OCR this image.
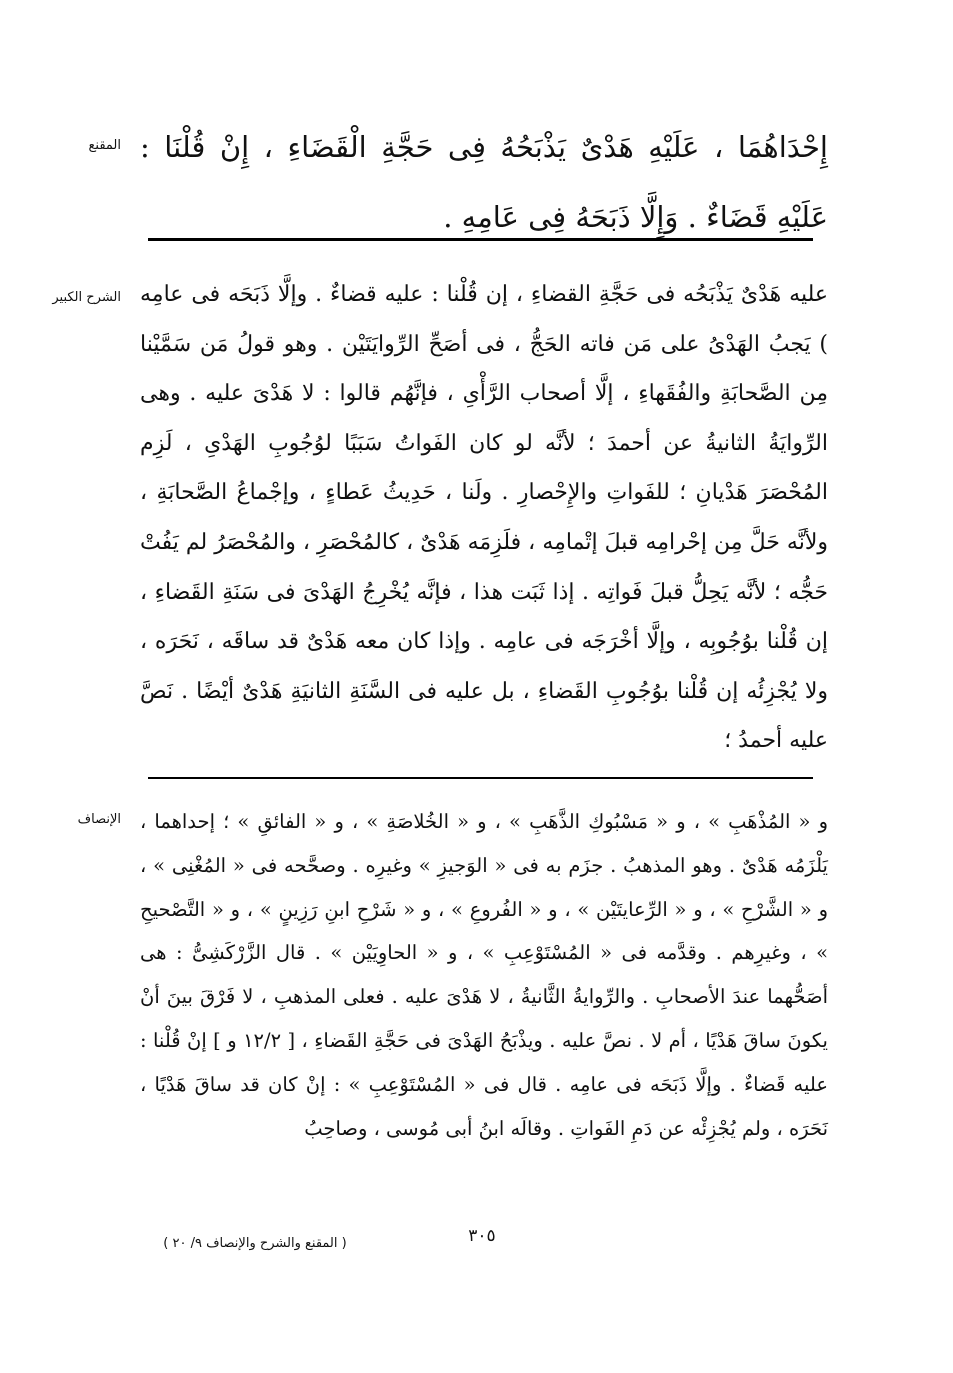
المقنع إِحْدَاهُمَا ، عَلَيْهِ هَدْىٌ يَذْبَحُهُ فِى حَجَّةِ الْقَضَاءِ ، إِنْ قُلْنَا : عَلَيْهِ قَضَاءٌ . وَإِلَّا ذَبَحَهُ فِى عَامِهِ .

الشرح الكبير عليه هَدْىٌ يَذْبَحُه فى حَجَّةِ القضاءِ ، إن قُلْنا : عليه قضاءٌ . وإلَّا ذَبَحَه فى عامِه ) يَجبُ الهَدْىُ على مَن فاته الحَجُّ ، فى أصَحِّ الرِّوايَتَيْن . وهو قولُ مَن سَمَّيْنا مِن الصَّحابَةِ والفُقَهاءِ ، إلَّا أصحاب الرَّأْىِ ، فإنَّهُم قالوا : لا هَدْىَ عليه . وهى الرِّوايَةُ الثانيةُ عن أحمدَ ؛ لأنَّه لو كان الفَواتُ سَبَبًا لوُجُوبِ الهَدْىِ ، لَزِم المُحْصَرَ هَدْيانِ ؛ للفَواتِ والإِحْصارِ . ولَنا ، حَدِيثُ عَطاءٍ ، وإجْماعُ الصَّحابَةِ ، ولأنَّه حَلَّ مِن إحْرامِه قبلَ إتْمامِه ، فلَزِمَه هَدْىٌ ، كالمُحْصَرِ ، والمُحْصَرُ لم يَفُتْ حَجُّه ؛ لأنَّه يَحِلُّ قبلَ فَواتِه . إذا ثَبَت هذا ، فإنَّه يُخْرِجُ الهَدْىَ فى سَنَةِ القَضاءِ ، إن قُلْنا بوُجُوبِه ، وإلَّا أخْرَجَه فى عامِه . وإذا كان معه هَدْىٌ قد ساقَه ، نَحَرَه ، ولا يُجْزِئُه إن قُلْنا بوُجُوبِ القَضاءِ ، بل عليه فى السَّنَةِ الثانيَةِ هَدْىٌ أيْضًا . نَصَّ عليه أحمدُ ؛

الإنصاف و « المُذْهَبِ » ، و « مَسْبُوكِ الذَّهَبِ » ، و « الخُلاصَةِ » ، و « الفائقِ » ؛ إحداهما ، يَلْزَمُه هَدْىٌ . وهو المذهبُ . جزَم به فى « الوَجيزِ » وغيرِه . وصحَّحه فى « المُغْنِى » ، و « الشَّرْحِ » ، و « الرِّعايتَيْن » ، و « الفُروعِ » ، و « شَرْحِ ابنِ رَزِينٍ » ، و « التَّصْحيحِ » ، وغيرِهم . وقدَّمه فى « المُسْتَوْعِبِ » ، و « الحاوِيَيْن » . قال الزَّرْكَشِىُّ : هى أصَحُّهما عندَ الأصحابِ . والرِّوايةُ الثَّانيةُ ، لا هَدْىَ عليه . فعلى المذهبِ ، لا فَرْقَ بينَ أنْ يكونَ ساقَ هَدْيًا ، أم لا . نصَّ عليه . ويذْبَحُ الهَدْىَ فى حَجَّةِ القَضاءِ ، [ ١٢/٢ و ] إنْ قُلْنا : عليه قَضاءٌ . وإلَّا ذَبَحَه فى عامِه . قال فى « المُسْتَوْعِبِ » : إنْ كان قد ساقَ هَدْيًا ، نَحَرَه ، ولم يُجْزِئْه عن دَمِ الفَواتِ . وقالَه ابنُ أبى مُوسى ، وصاحِبُ

٣٠٥
( المقنع والشرح والإنصاف ٩/ ٢٠ )
